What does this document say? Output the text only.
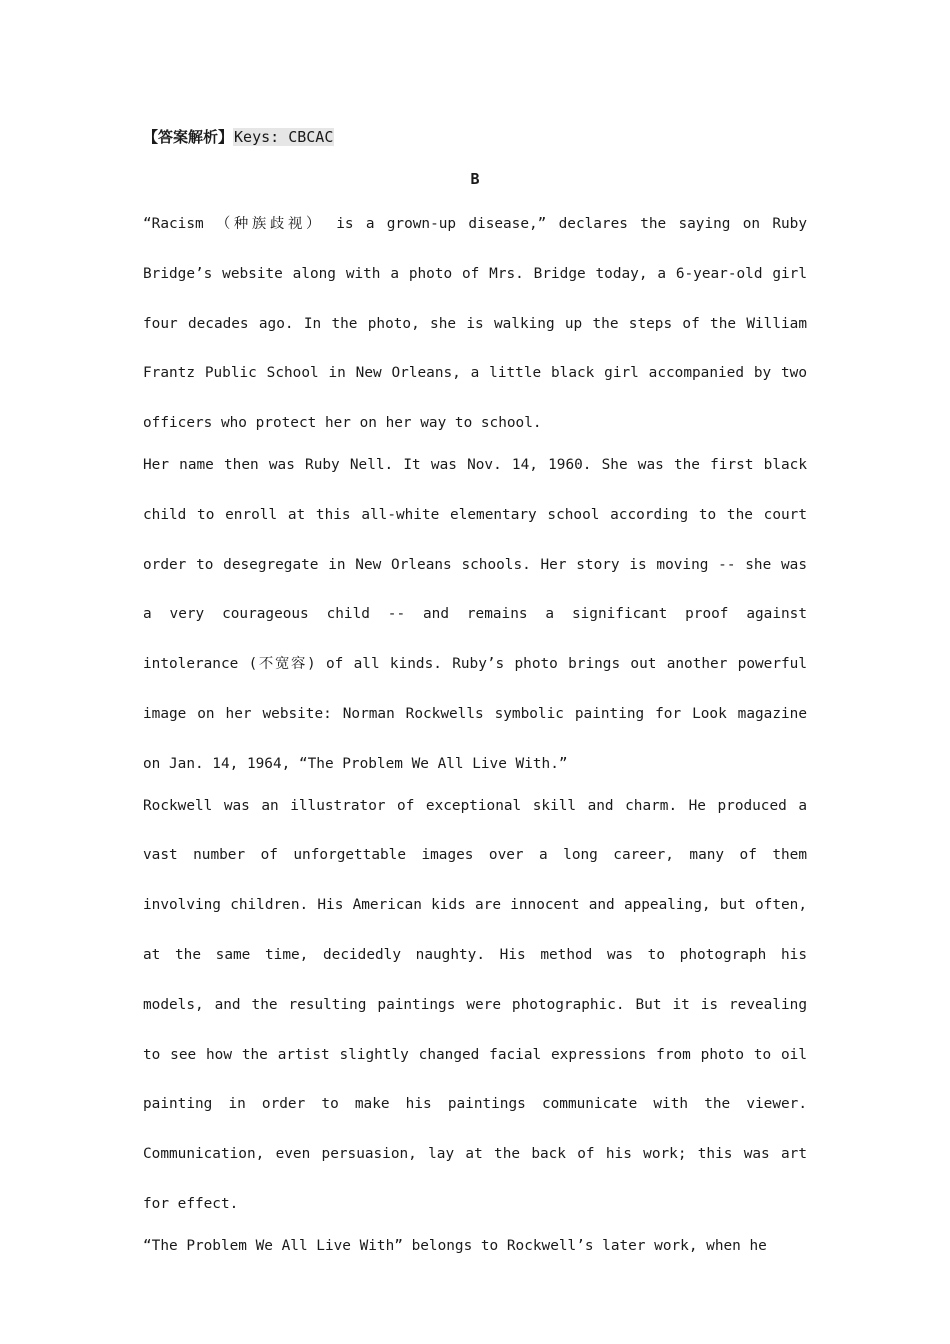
【答案解析】Keys: CBCAC
B

“Racism （种族歧视） is a grown-up disease,” declares the saying on Ruby Bridge’s website along with a photo of Mrs. Bridge today, a 6-year-old girl four decades ago. In the photo, she is walking up the steps of the William Frantz Public School in New Orleans, a little black girl accompanied by two officers who protect her on her way to school.

Her name then was Ruby Nell. It was Nov. 14, 1960. She was the first black child to enroll at this all-white elementary school according to the court order to desegregate in New Orleans schools. Her story is moving -- she was a very courageous child -- and remains a significant proof against intolerance (不宽容) of all kinds. Ruby’s photo brings out another powerful image on her website: Norman Rockwells symbolic painting for Look magazine on Jan. 14, 1964, “The Problem We All Live With.”

Rockwell was an illustrator of exceptional skill and charm. He produced a vast number of unforgettable images over a long career, many of them involving children. His American kids are innocent and appealing, but often, at the same time, decidedly naughty. His method was to photograph his models, and the resulting paintings were photographic. But it is revealing to see how the artist slightly changed facial expressions from photo to oil painting in order to make his paintings communicate with the viewer. Communication, even persuasion, lay at the back of his work; this was art for effect.

“The Problem We All Live With” belongs to Rockwell’s later work, when he
